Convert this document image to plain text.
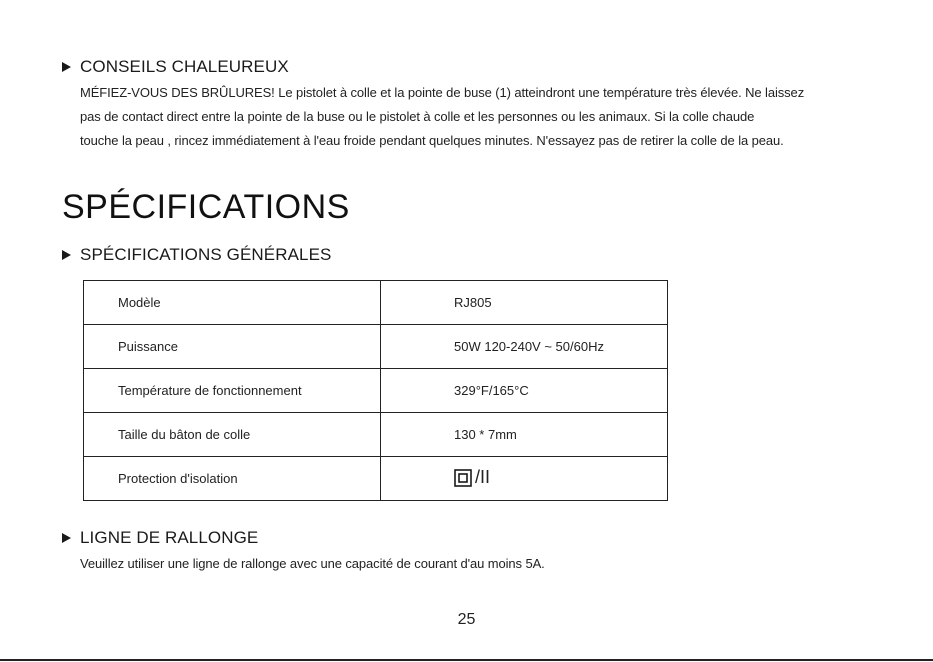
CONSEILS CHALEUREUX
MÉFIEZ-VOUS DES BRÛLURES! Le pistolet à colle et la pointe de buse (1) atteindront une température très élevée. Ne laissez
pas de contact direct entre la pointe de la buse ou le pistolet à colle et les personnes ou les animaux. Si la colle chaude
touche la peau , rincez immédiatement à l'eau froide pendant quelques minutes. N'essayez pas de retirer la colle de la peau.
SPÉCIFICATIONS
SPÉCIFICATIONS GÉNÉRALES
Modèle	RJ805
Puissance	50W 120-240V ~ 50/60Hz
Température de fonctionnement	329°F/165°C
Taille du bâton de colle	130 * 7mm
Protection d'isolation	/II
LIGNE DE RALLONGE
Veuillez utiliser une ligne de rallonge avec une capacité de courant d'au moins 5A.
25
